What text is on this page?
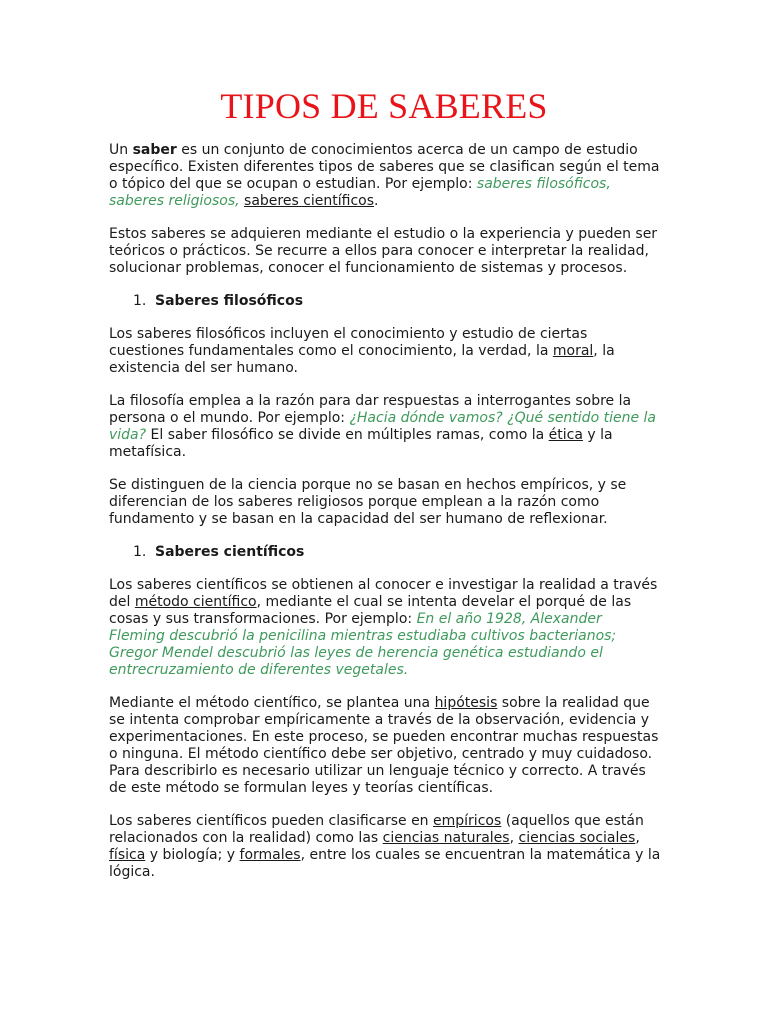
TIPOS DE SABERES

Un saber es un conjunto de conocimientos acerca de un campo de estudio específico. Existen diferentes tipos de saberes que se clasifican según el tema o tópico del que se ocupan o estudian. Por ejemplo: saberes filosóficos, saberes religiosos, saberes científicos.

Estos saberes se adquieren mediante el estudio o la experiencia y pueden ser teóricos o prácticos. Se recurre a ellos para conocer e interpretar la realidad, solucionar problemas, conocer el funcionamiento de sistemas y procesos.

1. Saberes filosóficos

Los saberes filosóficos incluyen el conocimiento y estudio de ciertas cuestiones fundamentales como el conocimiento, la verdad, la moral, la existencia del ser humano.

La filosofía emplea a la razón para dar respuestas a interrogantes sobre la persona o el mundo. Por ejemplo: ¿Hacia dónde vamos? ¿Qué sentido tiene la vida? El saber filosófico se divide en múltiples ramas, como la ética y la metafísica.

Se distinguen de la ciencia porque no se basan en hechos empíricos, y se diferencian de los saberes religiosos porque emplean a la razón como fundamento y se basan en la capacidad del ser humano de reflexionar.

1. Saberes científicos

Los saberes científicos se obtienen al conocer e investigar la realidad a través del método científico, mediante el cual se intenta develar el porqué de las cosas y sus transformaciones. Por ejemplo: En el año 1928, Alexander Fleming descubrió la penicilina mientras estudiaba cultivos bacterianos; Gregor Mendel descubrió las leyes de herencia genética estudiando el entrecruzamiento de diferentes vegetales.

Mediante el método científico, se plantea una hipótesis sobre la realidad que se intenta comprobar empíricamente a través de la observación, evidencia y experimentaciones. En este proceso, se pueden encontrar muchas respuestas o ninguna. El método científico debe ser objetivo, centrado y muy cuidadoso. Para describirlo es necesario utilizar un lenguaje técnico y correcto. A través de este método se formulan leyes y teorías científicas.

Los saberes científicos pueden clasificarse en empíricos (aquellos que están relacionados con la realidad) como las ciencias naturales, ciencias sociales, física y biología; y formales, entre los cuales se encuentran la matemática y la lógica.
